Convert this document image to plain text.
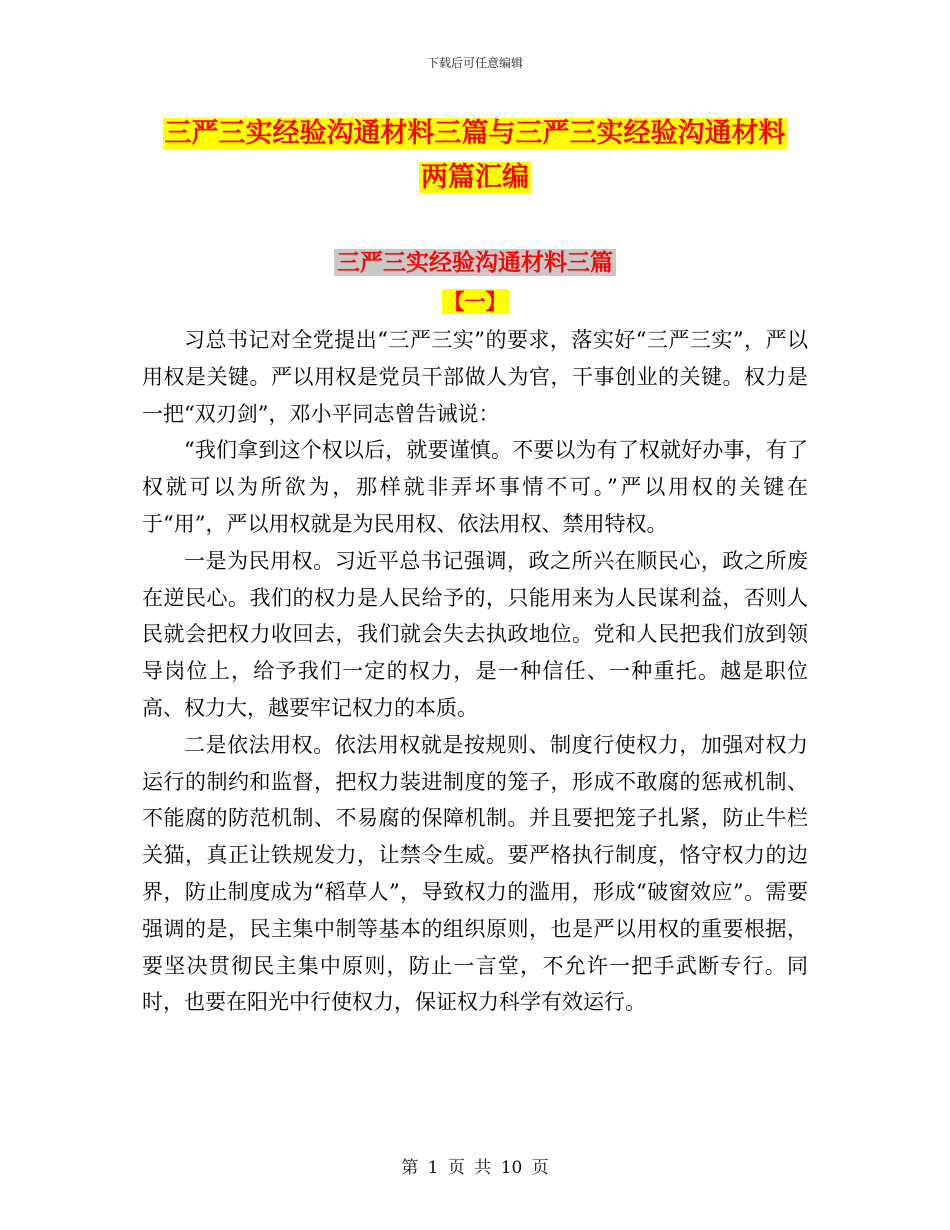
下载后可任意编辑
三严三实经验沟通材料三篇与三严三实经验沟通材料
两篇汇编
三严三实经验沟通材料三篇
【一】

习总书记对全党提出“三严三实”的要求，落实好“三严三实”，严以用权是关键。严以用权是党员干部做人为官，干事创业的关键。权力是一把“双刃剑”，邓小平同志曾告诫说：

“我们拿到这个权以后，就要谨慎。不要以为有了权就好办事，有了权就可以为所欲为，那样就非弄坏事情不可。”严以用权的关键在于“用”，严以用权就是为民用权、依法用权、禁用特权。

一是为民用权。习近平总书记强调，政之所兴在顺民心，政之所废在逆民心。我们的权力是人民给予的，只能用来为人民谋利益，否则人民就会把权力收回去，我们就会失去执政地位。党和人民把我们放到领导岗位上，给予我们一定的权力，是一种信任、一种重托。越是职位高、权力大，越要牢记权力的本质。

二是依法用权。依法用权就是按规则、制度行使权力，加强对权力运行的制约和监督，把权力装进制度的笼子，形成不敢腐的惩戒机制、不能腐的防范机制、不易腐的保障机制。并且要把笼子扎紧，防止牛栏关猫，真正让铁规发力，让禁令生威。要严格执行制度，恪守权力的边界，防止制度成为“稻草人”，导致权力的滥用，形成“破窗效应”。需要强调的是，民主集中制等基本的组织原则，也是严以用权的重要根据，要坚决贯彻民主集中原则，防止一言堂，不允许一把手武断专行。同时，也要在阳光中行使权力，保证权力科学有效运行。

第 1 页 共 10 页
